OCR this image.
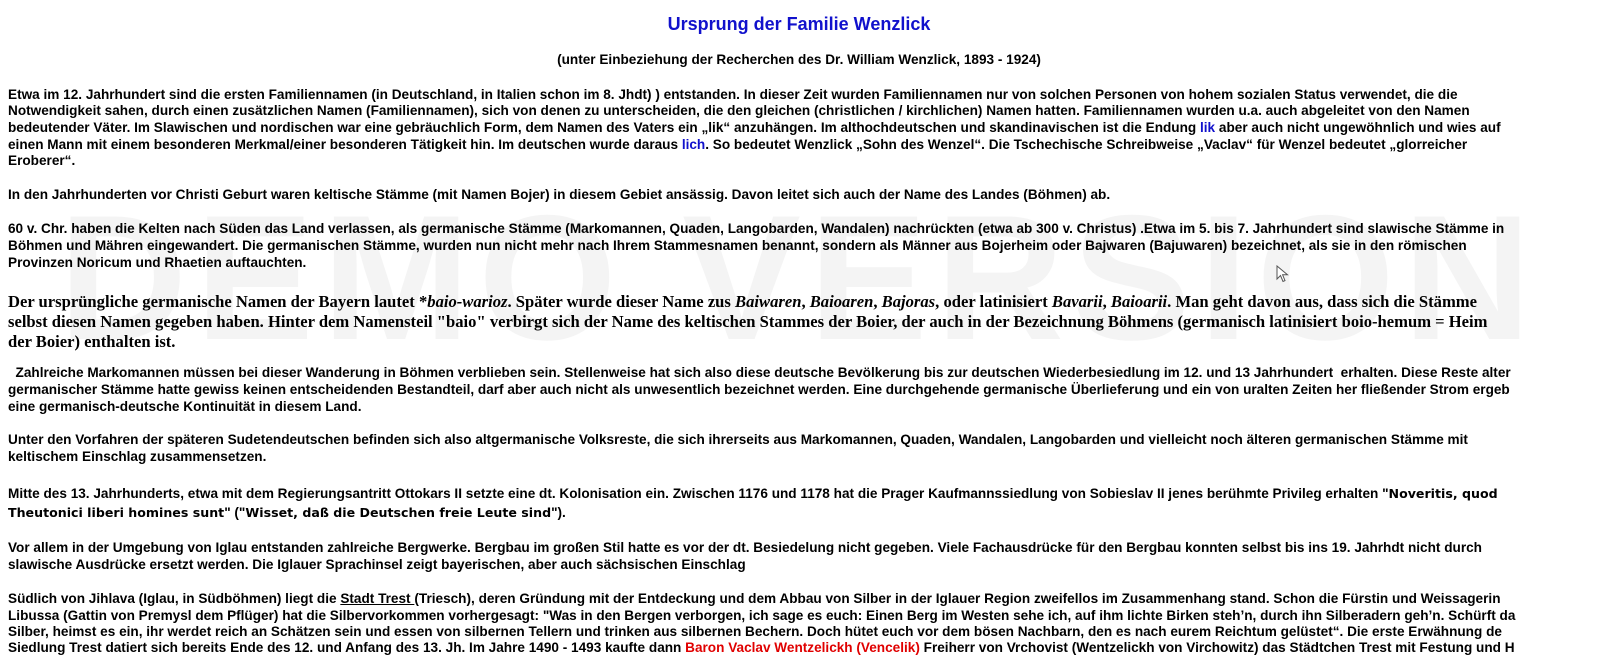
Ursprung der Familie Wenzlick
(unter Einbeziehung der Recherchen des Dr. William Wenzlick, 1893 - 1924)

Etwa im 12. Jahrhundert sind die ersten Familiennamen (in Deutschland, in Italien schon im 8. Jhdt) ) entstanden. In dieser Zeit wurden Familiennamen nur von solchen Personen von hohem sozialen Status verwendet, die die

Notwendigkeit sahen, durch einen zusätzlichen Namen (Familiennamen), sich von denen zu unterscheiden, die den gleichen (christlichen / kirchlichen) Namen hatten. Familiennamen wurden u.a. auch abgeleitet von den Namen

bedeutender Väter. Im Slawischen und nordischen war eine gebräuchlich Form, dem Namen des Vaters ein „lik“ anzuhängen. Im althochdeutschen und skandinavischen ist die Endung lik aber auch nicht ungewöhnlich und wies auf

einen Mann mit einem besonderen Merkmal/einer besonderen Tätigkeit hin. Im deutschen wurde daraus lich. So bedeutet Wenzlick „Sohn des Wenzel“. Die Tschechische Schreibweise „Vaclav“ für Wenzel bedeutet „glorreicher

Eroberer“.

In den Jahrhunderten vor Christi Geburt waren keltische Stämme (mit Namen Bojer) in diesem Gebiet ansässig. Davon leitet sich auch der Name des Landes (Böhmen) ab.

60 v. Chr. haben die Kelten nach Süden das Land verlassen, als germanische Stämme (Markomannen, Quaden, Langobarden, Wandalen) nachrückten (etwa ab 300 v. Christus) .Etwa im 5. bis 7. Jahrhundert sind slawische Stämme in

Böhmen und Mähren eingewandert. Die germanischen Stämme, wurden nun nicht mehr nach Ihrem Stammesnamen benannt, sondern als Männer aus Bojerheim oder Bajwaren (Bajuwaren) bezeichnet, als sie in den römischen

Provinzen Noricum und Rhaetien auftauchten.

Der ursprüngliche germanische Namen der Bayern lautet *baio-warioz. Später wurde dieser Name zus Baiwaren, Baioaren, Bajoras, oder latinisiert Bavarii, Baioarii. Man geht davon aus, dass sich die Stämme

selbst diesen Namen gegeben haben. Hinter dem Namensteil "baio" verbirgt sich der Name des keltischen Stammes der Boier, der auch in der Bezeichnung Böhmens (germanisch latinisiert boio-hemum = Heim

der Boier) enthalten ist.

Zahlreiche Markomannen müssen bei dieser Wanderung in Böhmen verblieben sein. Stellenweise hat sich also diese deutsche Bevölkerung bis zur deutschen Wiederbesiedlung im 12. und 13 Jahrhundert  erhalten. Diese Reste alter

germanischer Stämme hatte gewiss keinen entscheidenden Bestandteil, darf aber auch nicht als unwesentlich bezeichnet werden. Eine durchgehende germanische Überlieferung und ein von uralten Zeiten her fließender Strom ergeb

eine germanisch-deutsche Kontinuität in diesem Land.

Unter den Vorfahren der späteren Sudetendeutschen befinden sich also altgermanische Volksreste, die sich ihrerseits aus Markomannen, Quaden, Wandalen, Langobarden und vielleicht noch älteren germanischen Stämme mit

keltischem Einschlag zusammensetzen.

Mitte des 13. Jahrhunderts, etwa mit dem Regierungsantritt Ottokars II setzte eine dt. Kolonisation ein. Zwischen 1176 und 1178 hat die Prager Kaufmannssiedlung von Sobieslav II jenes berühmte Privileg erhalten "Noveritis, quod

Theutonici liberi homines sunt" ("Wisset, daß die Deutschen freie Leute sind").

Vor allem in der Umgebung von Iglau entstanden zahlreiche Bergwerke. Bergbau im großen Stil hatte es vor der dt. Besiedelung nicht gegeben. Viele Fachausdrücke für den Bergbau konnten selbst bis ins 19. Jahrhdt nicht durch

slawische Ausdrücke ersetzt werden. Die Iglauer Sprachinsel zeigt bayerischen, aber auch sächsischen Einschlag

Südlich von Jihlava (Iglau, in Südböhmen) liegt die Stadt Trest (Triesch), deren Gründung mit der Entdeckung und dem Abbau von Silber in der Iglauer Region zweifellos im Zusammenhang stand. Schon die Fürstin und Weissagerin

Libussa (Gattin von Premysl dem Pflüger) hat die Silbervorkommen vorhergesagt: "Was in den Bergen verborgen, ich sage es euch: Einen Berg im Westen sehe ich, auf ihm lichte Birken steh’n, durch ihn Silberadern geh’n. Schürft da

Silber, heimst es ein, ihr werdet reich an Schätzen sein und essen von silbernen Tellern und trinken aus silbernen Bechern. Doch hütet euch vor dem bösen Nachbarn, den es nach eurem Reichtum gelüstet“. Die erste Erwähnung de

Siedlung Trest datiert sich bereits Ende des 12. und Anfang des 13. Jh. Im Jahre 1490 - 1493 kaufte dann Baron Vaclav Wentzelickh (Vencelik) Freiherr von Vrchovist (Wentzelickh von Virchowitz) das Städtchen Trest mit Festung und H
